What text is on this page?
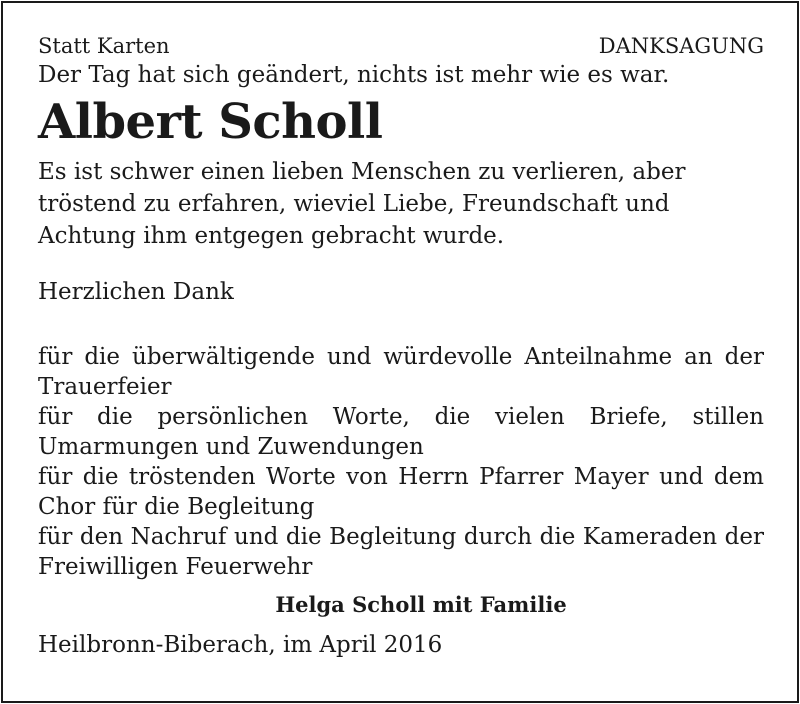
Statt Karten	DANKSAGUNG
Der Tag hat sich geändert, nichts ist mehr wie es war.
Albert Scholl
Es ist schwer einen lieben Menschen zu verlieren, aber
tröstend zu erfahren, wieviel Liebe, Freundschaft und
Achtung ihm entgegen gebracht wurde.
Herzlichen Dank
für die überwältigende und würdevolle Anteilnahme an der Trauerfeier
für die persönlichen Worte, die vielen Briefe, stillen Umarmungen und Zuwendungen
für die tröstenden Worte von Herrn Pfarrer Mayer und dem Chor für die Begleitung
für den Nachruf und die Begleitung durch die Kameraden der Freiwilligen Feuerwehr
Helga Scholl mit Familie
Heilbronn-Biberach, im April 2016
